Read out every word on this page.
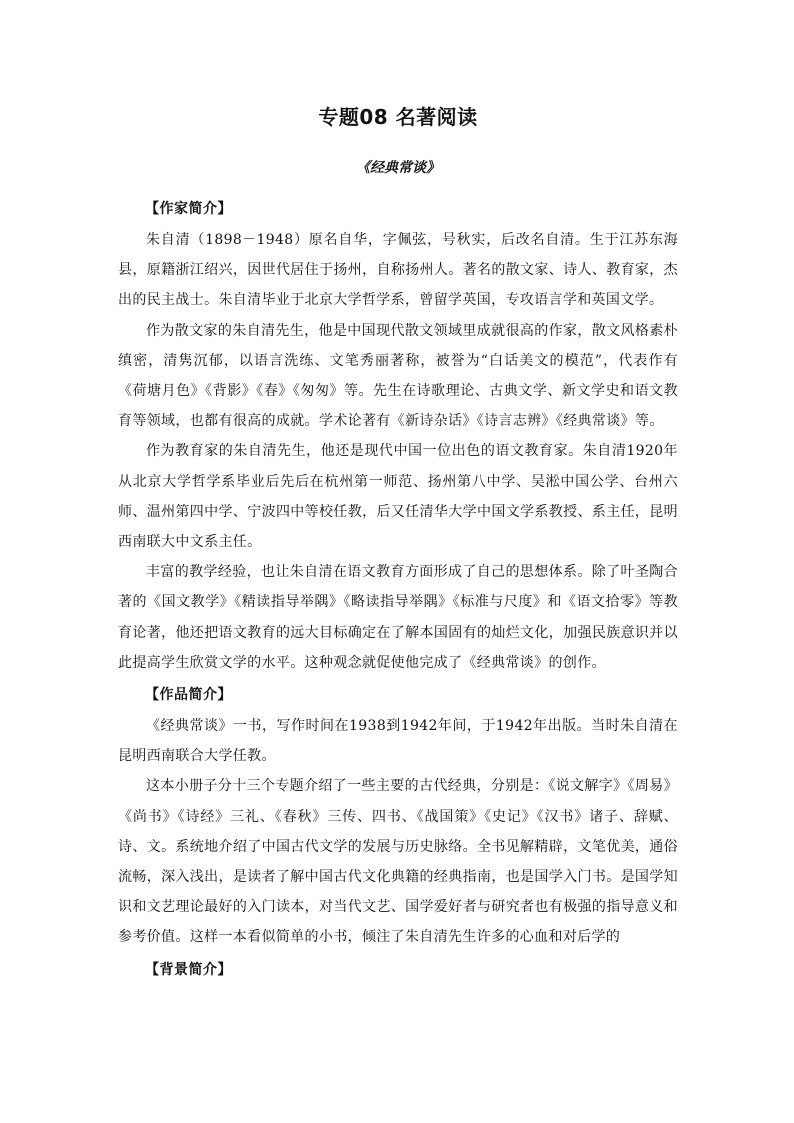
专题08 名著阅读

《经典常谈》

【作家简介】

朱自清（1898－1948）原名自华，字佩弦，号秋实，后改名自清。生于江苏东海县，原籍浙江绍兴，因世代居住于扬州，自称扬州人。著名的散文家、诗人、教育家，杰出的民主战士。朱自清毕业于北京大学哲学系，曾留学英国，专攻语言学和英国文学。

作为散文家的朱自清先生，他是中国现代散文领域里成就很高的作家，散文风格素朴缜密，清隽沉郁，以语言洗练、文笔秀丽著称，被誉为“白话美文的模范”，代表作有《荷塘月色》《背影》《春》《匆匆》等。先生在诗歌理论、古典文学、新文学史和语文教育等领域，也都有很高的成就。学术论著有《新诗杂话》《诗言志辨》《经典常谈》等。

作为教育家的朱自清先生，他还是现代中国一位出色的语文教育家。朱自清1920年从北京大学哲学系毕业后先后在杭州第一师范、扬州第八中学、吴淞中国公学、台州六师、温州第四中学、宁波四中等校任教，后又任清华大学中国文学系教授、系主任，昆明西南联大中文系主任。

丰富的教学经验，也让朱自清在语文教育方面形成了自己的思想体系。除了叶圣陶合著的《国文教学》《精读指导举隅》《略读指导举隅》《标准与尺度》和《语文拾零》等教育论著，他还把语文教育的远大目标确定在了解本国固有的灿烂文化，加强民族意识并以此提高学生欣赏文学的水平。这种观念就促使他完成了《经典常谈》的创作。

【作品简介】

《经典常谈》一书，写作时间在1938到1942年间，于1942年出版。当时朱自清在昆明西南联合大学任教。

这本小册子分十三个专题介绍了一些主要的古代经典，分别是：《说文解字》《周易》《尚书》《诗经》三礼、《春秋》三传、四书、《战国策》《史记》《汉书》诸子、辞赋、诗、文。系统地介绍了中国古代文学的发展与历史脉络。全书见解精辟，文笔优美，通俗流畅，深入浅出，是读者了解中国古代文化典籍的经典指南，也是国学入门书。是国学知识和文艺理论最好的入门读本，对当代文艺、国学爱好者与研究者也有极强的指导意义和参考价值。这样一本看似简单的小书，倾注了朱自清先生许多的心血和对后学的

【背景简介】
